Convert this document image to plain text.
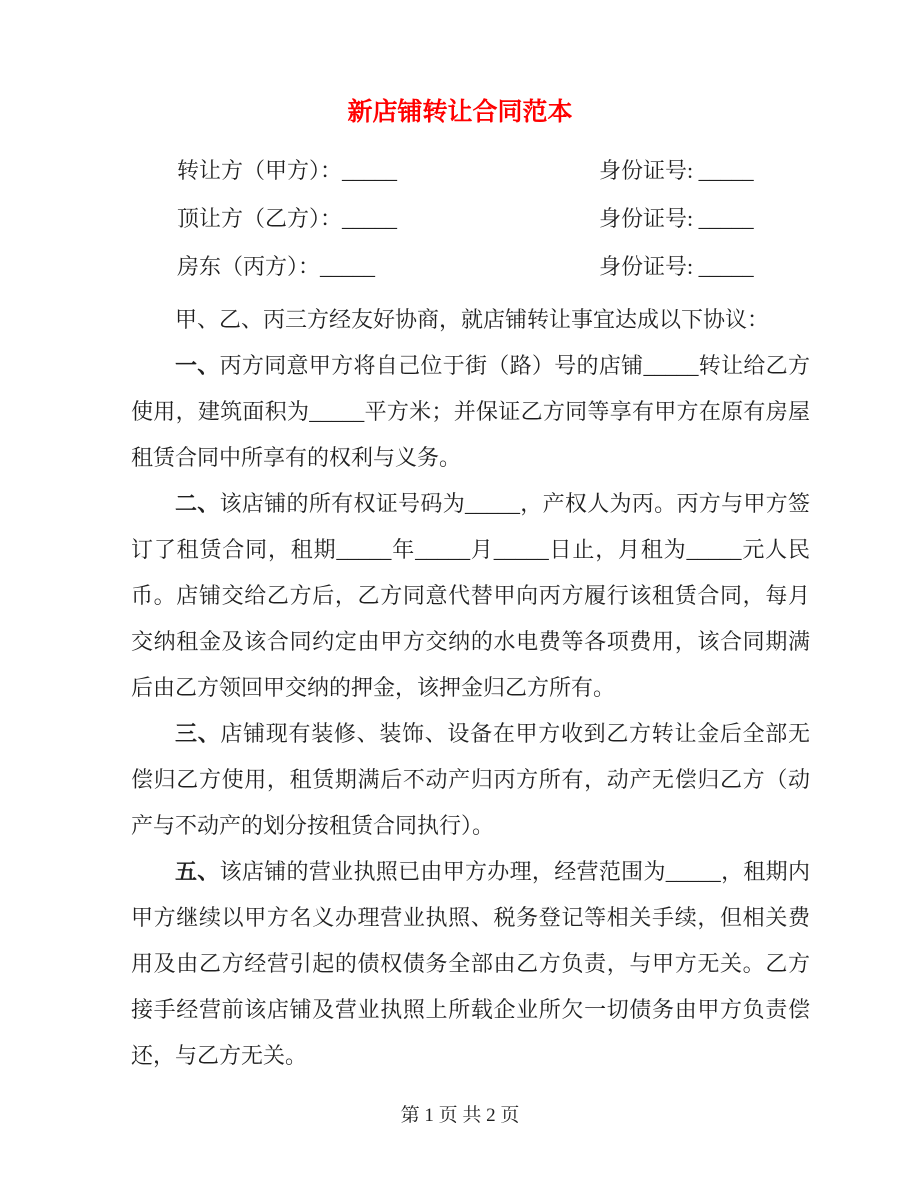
新店铺转让合同范本
转让方（甲方）：_____	身份证号: _____
顶让方（乙方）：_____	身份证号: _____
房东（丙方）：_____	身份证号: _____

甲、乙、丙三方经友好协商，就店铺转让事宜达成以下协议：

一、丙方同意甲方将自己位于街（路）号的店铺_____转让给乙方使用，建筑面积为_____平方米；并保证乙方同等享有甲方在原有房屋租赁合同中所享有的权利与义务。

二、该店铺的所有权证号码为_____，产权人为丙。丙方与甲方签订了租赁合同，租期_____年_____月_____日止，月租为_____元人民币。店铺交给乙方后，乙方同意代替甲向丙方履行该租赁合同，每月交纳租金及该合同约定由甲方交纳的水电费等各项费用，该合同期满后由乙方领回甲交纳的押金，该押金归乙方所有。

三、店铺现有装修、装饰、设备在甲方收到乙方转让金后全部无偿归乙方使用，租赁期满后不动产归丙方所有，动产无偿归乙方（动产与不动产的划分按租赁合同执行）。

五、该店铺的营业执照已由甲方办理，经营范围为_____，租期内甲方继续以甲方名义办理营业执照、税务登记等相关手续，但相关费用及由乙方经营引起的债权债务全部由乙方负责，与甲方无关。乙方接手经营前该店铺及营业执照上所载企业所欠一切债务由甲方负责偿还，与乙方无关。

第 1 页 共 2 页
